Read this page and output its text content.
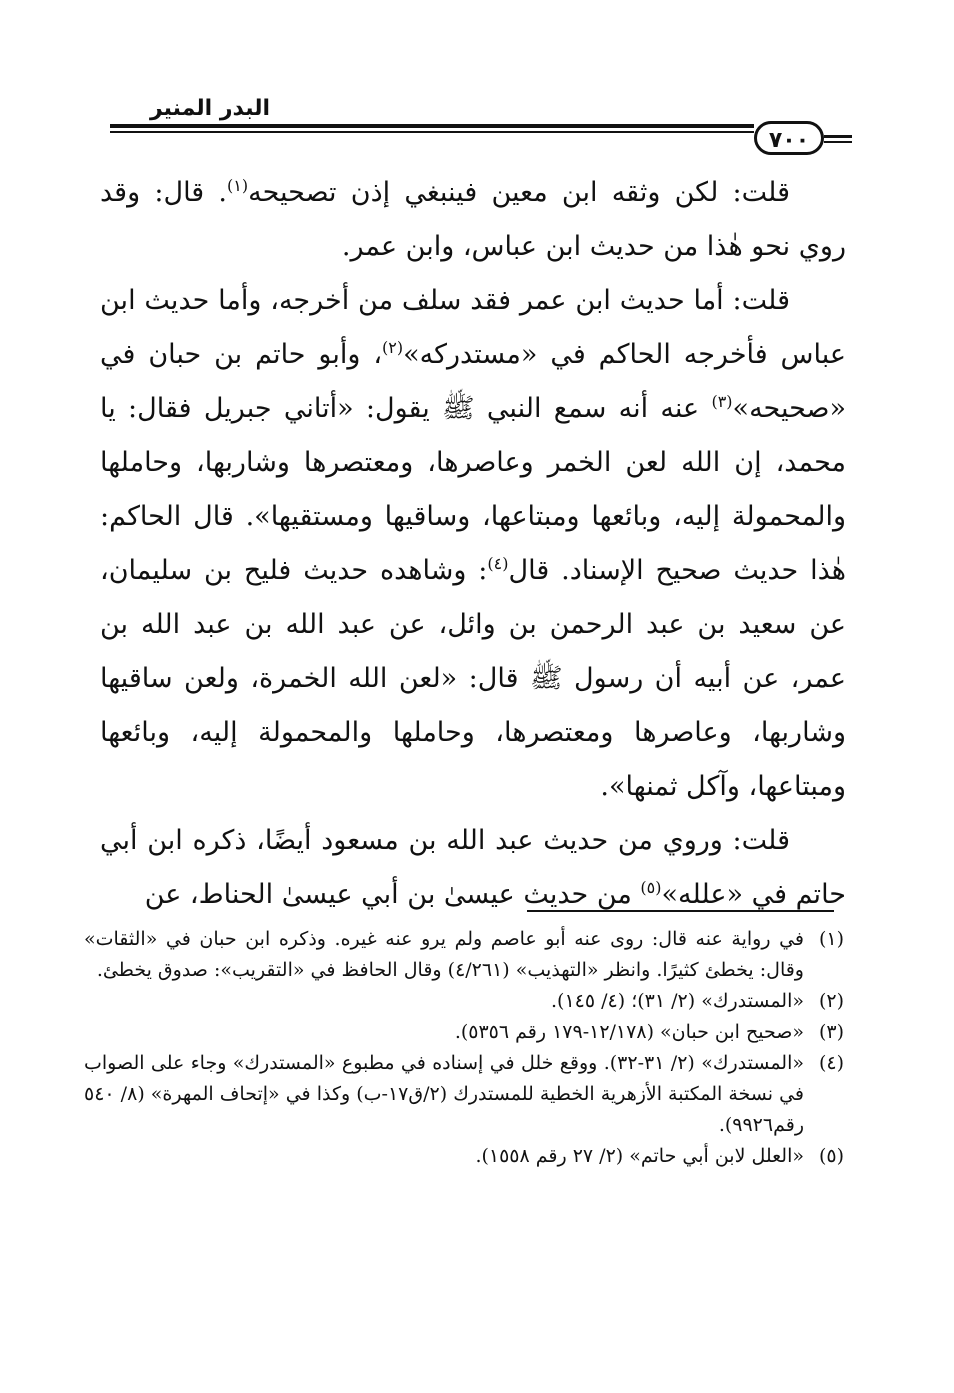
البدر المنير
٧٠٠

قلت: لكن وثقه ابن معين فينبغي إذن تصحيحه$^{(١)}$. قال: وقد روي نحو هٰذا من حديث ابن عباس، وابن عمر.

قلت: أما حديث ابن عمر فقد سلف من أخرجه، وأما حديث ابن عباس فأخرجه الحاكم في «مستدركه»$^{(٢)}$، وأبو حاتم بن حبان في «صحيحه»$^{(٣)}$ عنه أنه سمع النبي ﷺ يقول: «أتاني جبريل فقال: يا محمد، إن الله لعن الخمر وعاصرها، ومعتصرها وشاربها، وحاملها والمحمولة إليه، وبائعها ومبتاعها، وساقيها ومستقيها». قال الحاكم: هٰذا حديث صحيح الإسناد. قال$^{(٤)}$: وشاهده حديث فليح بن سليمان، عن سعيد بن عبد الرحمن بن وائل، عن عبد الله بن عبد الله بن عمر، عن أبيه أن رسول ﷺ قال: «لعن الله الخمرة، ولعن ساقيها وشاربها، وعاصرها ومعتصرها، وحاملها والمحمولة إليه، وبائعها ومبتاعها، وآكل ثمنها».

قلت: وروي من حديث عبد الله بن مسعود أيضًا، ذكره ابن أبي حاتم في «علله»$^{(٥)}$ من حديث عيسىٰ بن أبي عيسىٰ الحناط، عن

(١)في رواية عنه قال: روى عنه أبو عاصم ولم يرو عنه غيره. وذكره ابن حبان في «الثقات» وقال: يخطئ كثيرًا. وانظر «التهذيب» (٤/٢٦١) وقال الحافظ في «التقريب»: صدوق يخطئ.

(٢)«المستدرك» (٢/ ٣١)؛ (٤/ ١٤٥).

(٣)«صحيح ابن حبان» (١٢/١٧٨-١٧٩ رقم ٥٣٥٦).

(٤)«المستدرك» (٢/ ٣١-٣٢). ووقع خلل في إسناده في مطبوع «المستدرك» وجاء على الصواب في نسخة المكتبة الأزهرية الخطية للمستدرك (٢/ق١٧-ب) وكذا في «إتحاف المهرة» (٨/ ٥٤٠ رقم٩٩٢٦).

(٥)«العلل لابن أبي حاتم» (٢/ ٢٧ رقم ١٥٥٨).
